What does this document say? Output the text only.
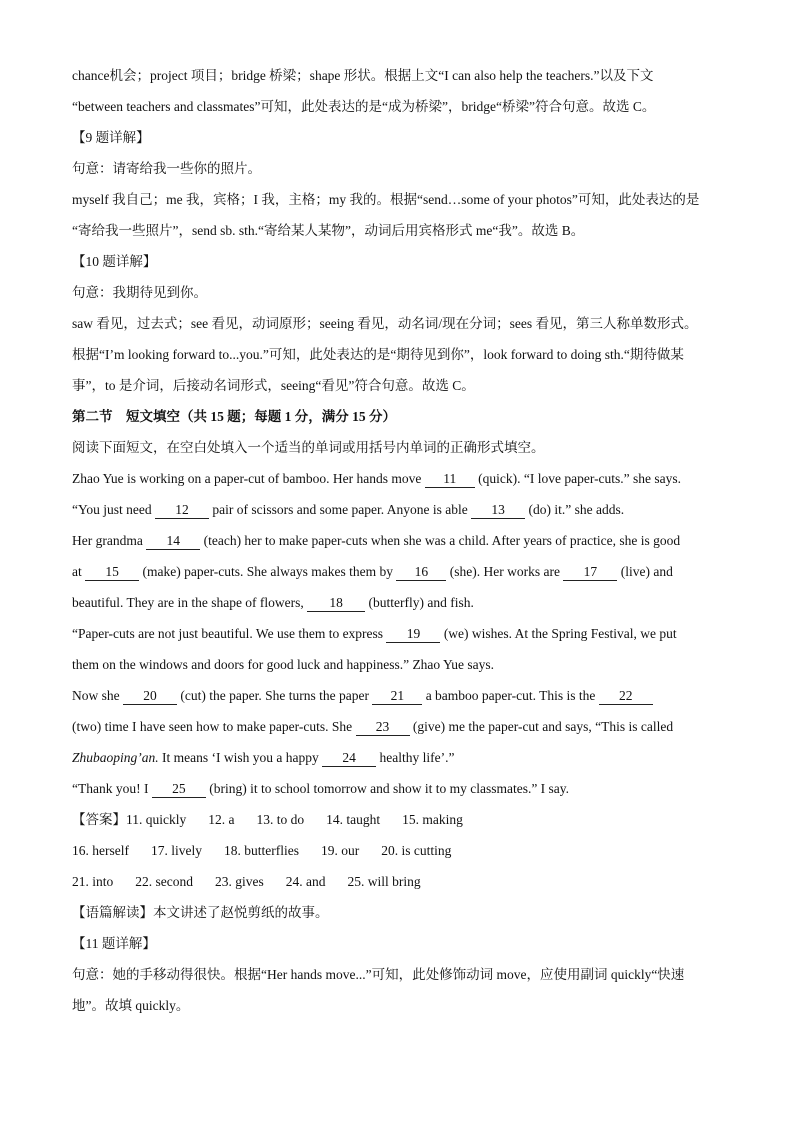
chance机会；project 项目；bridge 桥梁；shape 形状。根据上文“I can also help the teachers.”以及下文
“between teachers and classmates”可知，此处表达的是“成为桥梁”，bridge“桥梁”符合句意。故选 C。
【9 题详解】
句意：请寄给我一些你的照片。
myself 我自己；me 我，宾格；I 我，主格；my 我的。根据“send…some of your photos”可知，此处表达的是
“寄给我一些照片”，send sb. sth.“寄给某人某物”，动词后用宾格形式 me“我”。故选 B。
【10 题详解】
句意：我期待见到你。
saw 看见，过去式；see 看见，动词原形；seeing 看见，动名词/现在分词；sees 看见，第三人称单数形式。
根据“I’m looking forward to...you.”可知，此处表达的是“期待见到你”，look forward to doing sth.“期待做某
事”，to 是介词，后接动名词形式，seeing“看见”符合句意。故选 C。
第二节　短文填空（共 15 题；每题 1 分，满分 15 分）
阅读下面短文，在空白处填入一个适当的单词或用括号内单词的正确形式填空。
Zhao Yue is working on a paper-cut of bamboo. Her hands move 11 (quick). “I love paper-cuts.” she says.
“You just need 12 pair of scissors and some paper. Anyone is able 13 (do) it.” she adds.
Her grandma 14 (teach) her to make paper-cuts when she was a child. After years of practice, she is good
at 15 (make) paper-cuts. She always makes them by 16 (she). Her works are 17 (live) and
beautiful. They are in the shape of flowers, 18 (butterfly) and fish.
“Paper-cuts are not just beautiful. We use them to express 19 (we) wishes. At the Spring Festival, we put
them on the windows and doors for good luck and happiness.” Zhao Yue says.
Now she 20 (cut) the paper. She turns the paper 21 a bamboo paper-cut. This is the 22
(two) time I have seen how to make paper-cuts. She 23 (give) me the paper-cut and says, “This is called
Zhubaoping’an. It means ‘I wish you a happy 24 healthy life’.”
“Thank you! I 25 (bring) it to school tomorrow and show it to my classmates.” I say.
【答案】11. quickly 12. a 13. to do 14. taught 15. making
16. herself 17. lively 18. butterflies 19. our 20. is cutting
21. into 22. second 23. gives 24. and 25. will bring
【语篇解读】本文讲述了赵悦剪纸的故事。
【11 题详解】
句意：她的手移动得很快。根据“Her hands move...”可知，此处修饰动词 move，应使用副词 quickly“快速
地”。故填 quickly。
